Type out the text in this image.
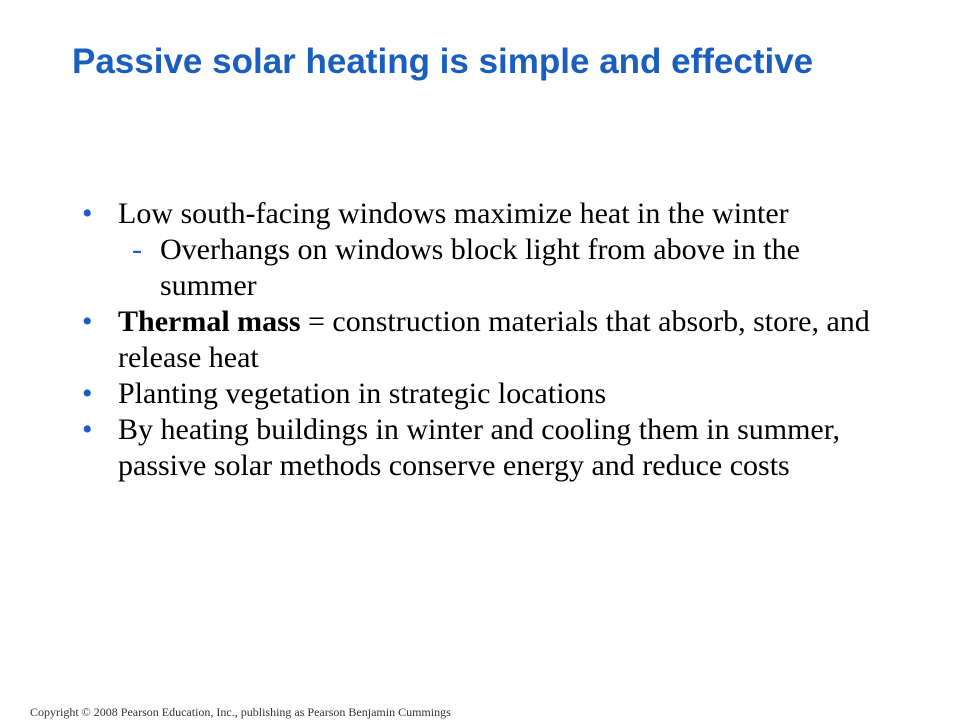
Passive solar heating is simple and effective
• Low south-facing windows maximize heat in the winter
- Overhangs on windows block light from above in the summer
• Thermal mass = construction materials that absorb, store, and release heat
• Planting vegetation in strategic locations
• By heating buildings in winter and cooling them in summer, passive solar methods conserve energy and reduce costs
Copyright © 2008 Pearson Education, Inc., publishing as Pearson Benjamin Cummings
